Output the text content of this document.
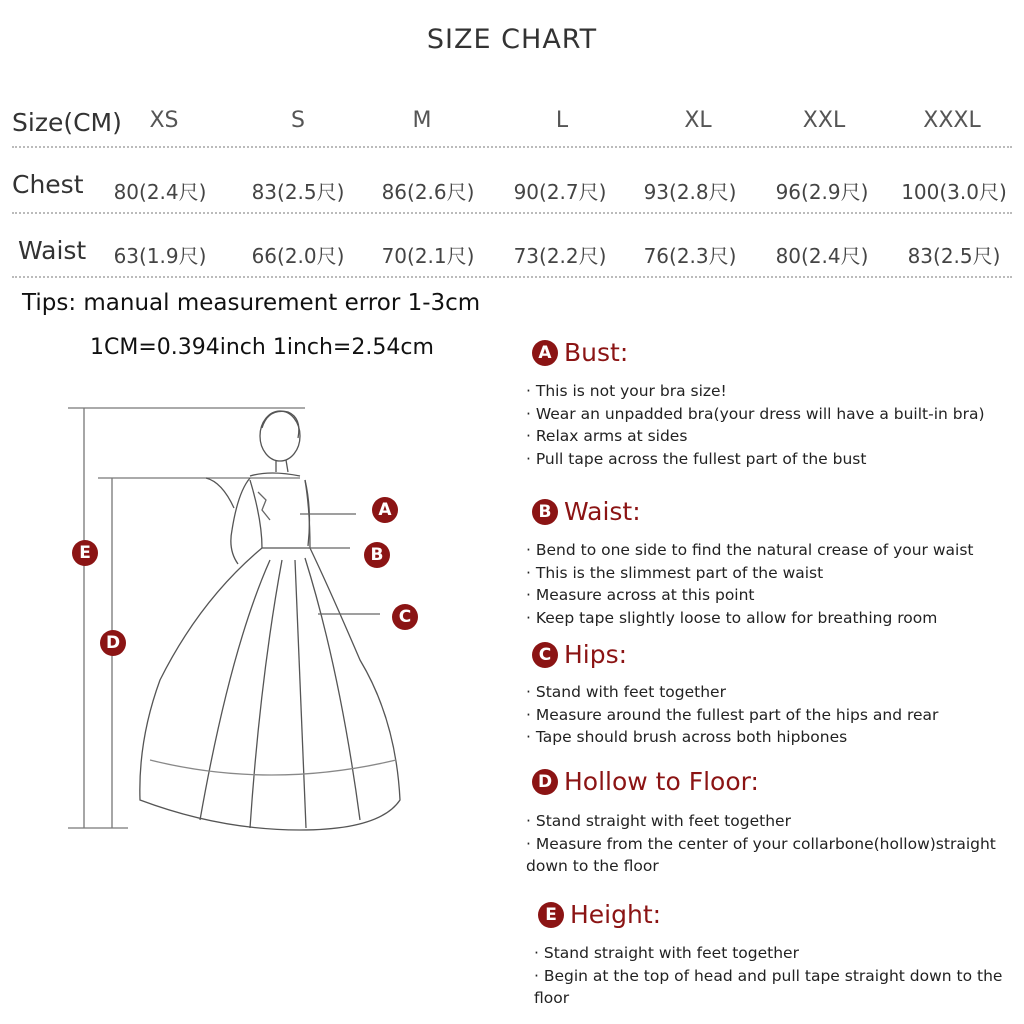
SIZE CHART
Size(CM)	XS	S	M	L	XL	XXL	XXXL
Chest	80(2.4尺)	83(2.5尺)	86(2.6尺)	90(2.7尺)	93(2.8尺)	96(2.9尺)	100(3.0尺)
Waist	63(1.9尺)	66(2.0尺)	70(2.1尺)	73(2.2尺)	76(2.3尺)	80(2.4尺)	83(2.5尺)
Tips: manual measurement error 1-3cm
1CM=0.394inch 1inch=2.54cm
A
B
C
D
E
A Bust:
· This is not your bra size!
· Wear an unpadded bra(your dress will have a built-in bra)
· Relax arms at sides
· Pull tape across the fullest part of the bust
B Waist:
· Bend to one side to find the natural crease of your waist
· This is the slimmest part of the waist
· Measure across at this point
· Keep tape slightly loose to allow for breathing room
C Hips:
· Stand with feet together
· Measure around the fullest part of the hips and rear
· Tape should brush across both hipbones
D Hollow to Floor:
· Stand straight with feet together
· Measure from the center of your collarbone(hollow)straight
down to the floor
E Height:
· Stand straight with feet together
· Begin at the top of head and pull tape straight down to the
floor
